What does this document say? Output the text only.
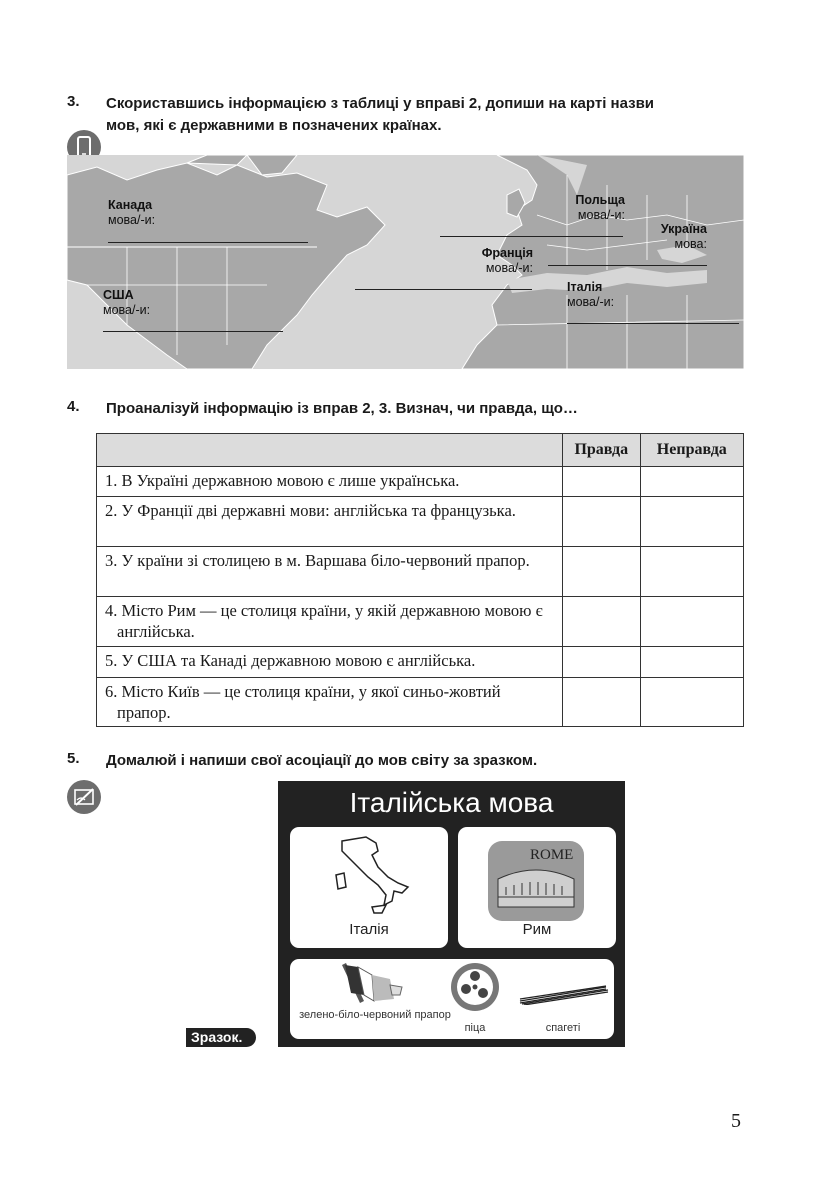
3. Скориставшись інформацією з таблиці у вправі 2, допиши на карті назви
мов, які є державними в позначених країнах.
Канада
мова/-и:
США
мова/-и:
Польща
мова/-и:
Україна
мова:
Франція
мова/-и:
Італія
мова/-и:
4. Проаналізуй інформацію із вправ 2, 3. Визнач, чи правда, що…
	Правда	Неправда

1. В Україні державною мовою є лише українська.		

2. У Франції дві державні мови: англійська та французька.		

3. У країни зі столицею в м. Варшава біло-червоний прапор.		

4. Місто Рим — це столиця країни, у якій державною мовою є англійська.		

5. У США та Канаді державною мовою є англійська.		

6. Місто Київ — це столиця країни, у якої синьо-жовтий прапор.		

5. Домалюй і напиши свої асоціації до мов світу за зразком.
Італійська мова
Італія
ROME
Рим
зелено-біло-червоний прапор
піца	спагеті
Зразок.
5
